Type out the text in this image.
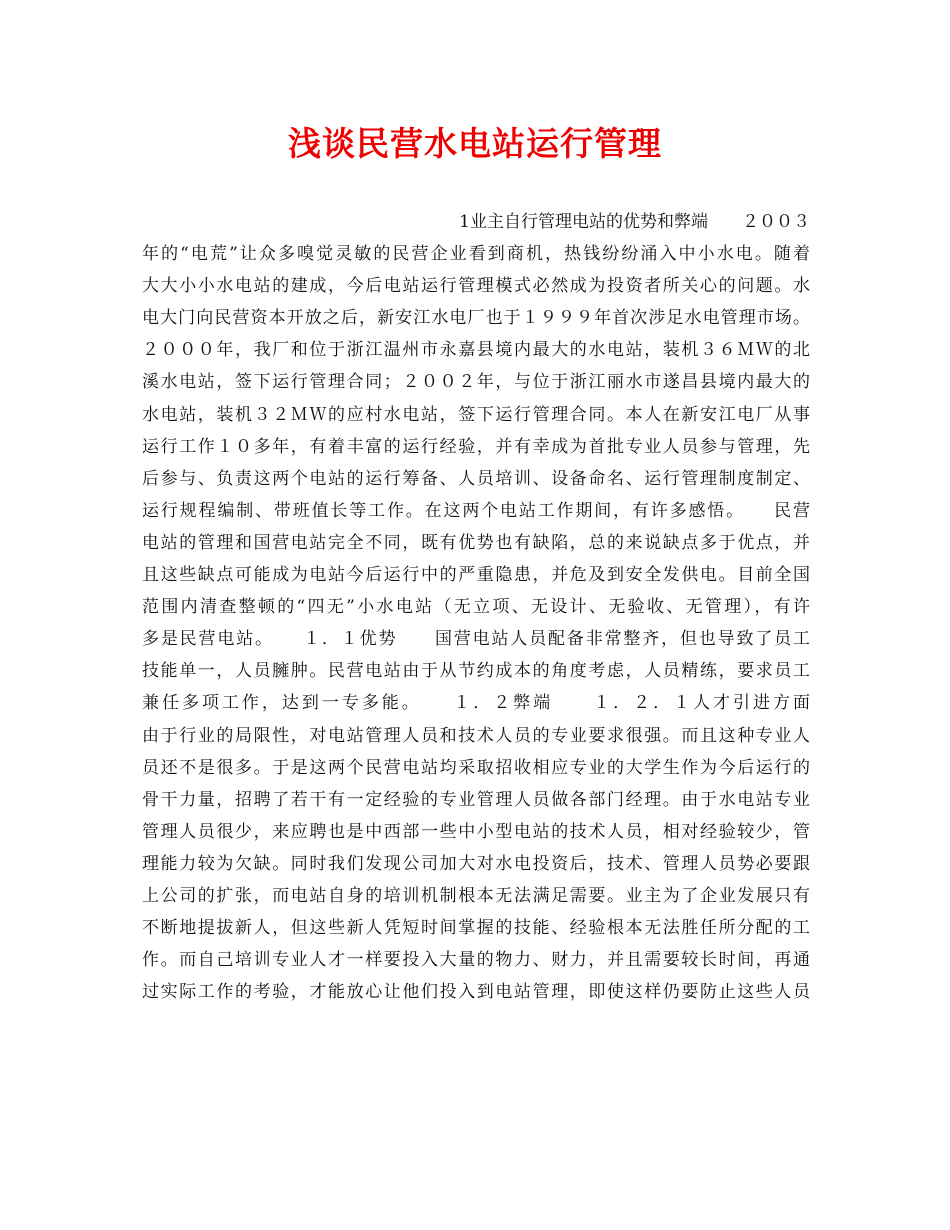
浅谈民营水电站运行管理
1业主自行管理电站的优势和弊端　　２００３
年的“电荒”让众多嗅觉灵敏的民营企业看到商机，热钱纷纷涌入中小水电。随着
大大小小水电站的建成，今后电站运行管理模式必然成为投资者所关心的问题。水
电大门向民营资本开放之后，新安江水电厂也于１９９９年首次涉足水电管理市场。
２０００年，我厂和位于浙江温州市永嘉县境内最大的水电站，装机３６ＭＷ的北
溪水电站，签下运行管理合同；２００２年，与位于浙江丽水市遂昌县境内最大的
水电站，装机３２ＭＷ的应村水电站，签下运行管理合同。本人在新安江电厂从事
运行工作１０多年，有着丰富的运行经验，并有幸成为首批专业人员参与管理，先
后参与、负责这两个电站的运行筹备、人员培训、设备命名、运行管理制度制定、
运行规程编制、带班值长等工作。在这两个电站工作期间，有许多感悟。　　民营
电站的管理和国营电站完全不同，既有优势也有缺陷，总的来说缺点多于优点，并
且这些缺点可能成为电站今后运行中的严重隐患，并危及到安全发供电。目前全国
范围内清查整顿的“四无”小水电站（无立项、无设计、无验收、无管理），有许
多是民营电站。　　１．１优势　　国营电站人员配备非常整齐，但也导致了员工
技能单一，人员臃肿。民营电站由于从节约成本的角度考虑，人员精练，要求员工
兼任多项工作，达到一专多能。　　１．２弊端　　１．２．１人才引进方面
由于行业的局限性，对电站管理人员和技术人员的专业要求很强。而且这种专业人
员还不是很多。于是这两个民营电站均采取招收相应专业的大学生作为今后运行的
骨干力量，招聘了若干有一定经验的专业管理人员做各部门经理。由于水电站专业
管理人员很少，来应聘也是中西部一些中小型电站的技术人员，相对经验较少，管
理能力较为欠缺。同时我们发现公司加大对水电投资后，技术、管理人员势必要跟
上公司的扩张，而电站自身的培训机制根本无法满足需要。业主为了企业发展只有
不断地提拔新人，但这些新人凭短时间掌握的技能、经验根本无法胜任所分配的工
作。而自己培训专业人才一样要投入大量的物力、财力，并且需要较长时间，再通
过实际工作的考验，才能放心让他们投入到电站管理，即使这样仍要防止这些人员
